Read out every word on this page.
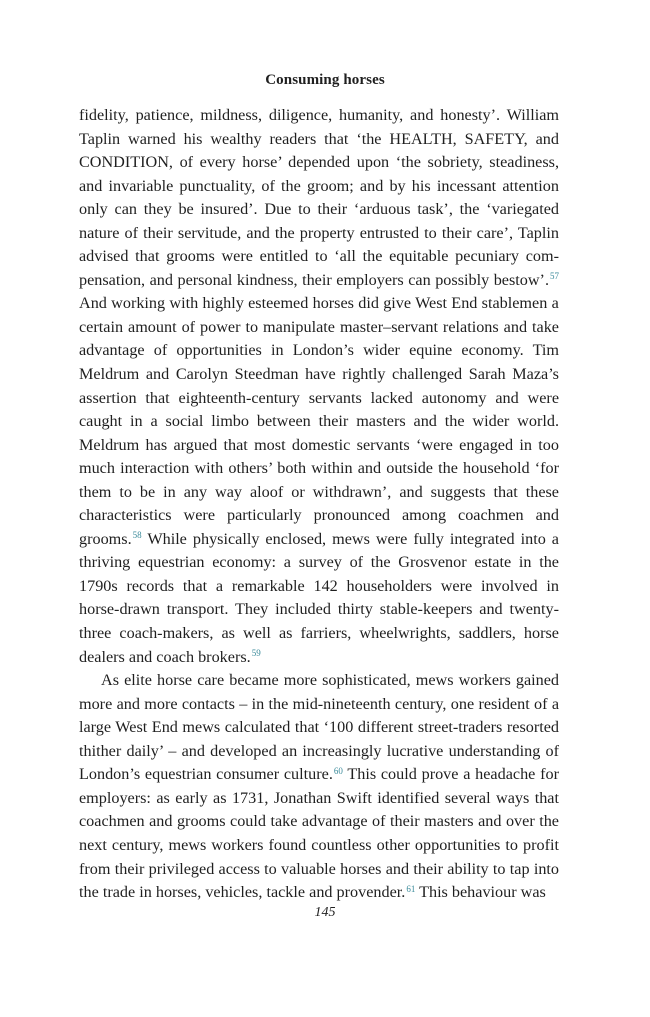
Consuming horses

fidelity, patience, mildness, diligence, humanity, and honesty’. William Taplin warned his wealthy readers that ‘the HEALTH, SAFETY, and CONDITION, of every horse’ depended upon ‘the sobriety, steadiness, and invariable punctuality, of the groom; and by his incessant attention only can they be insured’. Due to their ‘arduous task’, the ‘variegated nature of their servitude, and the property entrusted to their care’, Taplin advised that grooms were entitled to ‘all the equitable pecuniary compensation, and personal kindness, their employers can possibly bestow’.$^{57}$ And working with highly esteemed horses did give West End stablemen a certain amount of power to manipulate master–servant relations and take advantage of opportunities in London’s wider equine economy. Tim Meldrum and Carolyn Steedman have rightly challenged Sarah Maza’s assertion that eighteenth-century servants lacked autonomy and were caught in a social limbo between their masters and the wider world. Meldrum has argued that most domestic servants ‘were engaged in too much interaction with others’ both within and outside the household ‘for them to be in any way aloof or withdrawn’, and suggests that these characteristics were particularly pronounced among coachmen and grooms.$^{58}$ While physically enclosed, mews were fully integrated into a thriving equestrian economy: a survey of the Grosvenor estate in the 1790s records that a remarkable 142 householders were involved in horse-drawn transport. They included thirty stable-keepers and twenty-three coach-makers, as well as farriers, wheelwrights, saddlers, horse dealers and coach brokers.$^{59}$

As elite horse care became more sophisticated, mews workers gained more and more contacts – in the mid-nineteenth century, one resident of a large West End mews calculated that ‘100 different street-traders resorted thither daily’ – and developed an increasingly lucrative understanding of London’s equestrian consumer culture.$^{60}$ This could prove a headache for employers: as early as 1731, Jonathan Swift identified several ways that coachmen and grooms could take advantage of their masters and over the next century, mews workers found countless other opportunities to profit from their privileged access to valuable horses and their ability to tap into the trade in horses, vehicles, tackle and provender.$^{61}$ This behaviour was

145
